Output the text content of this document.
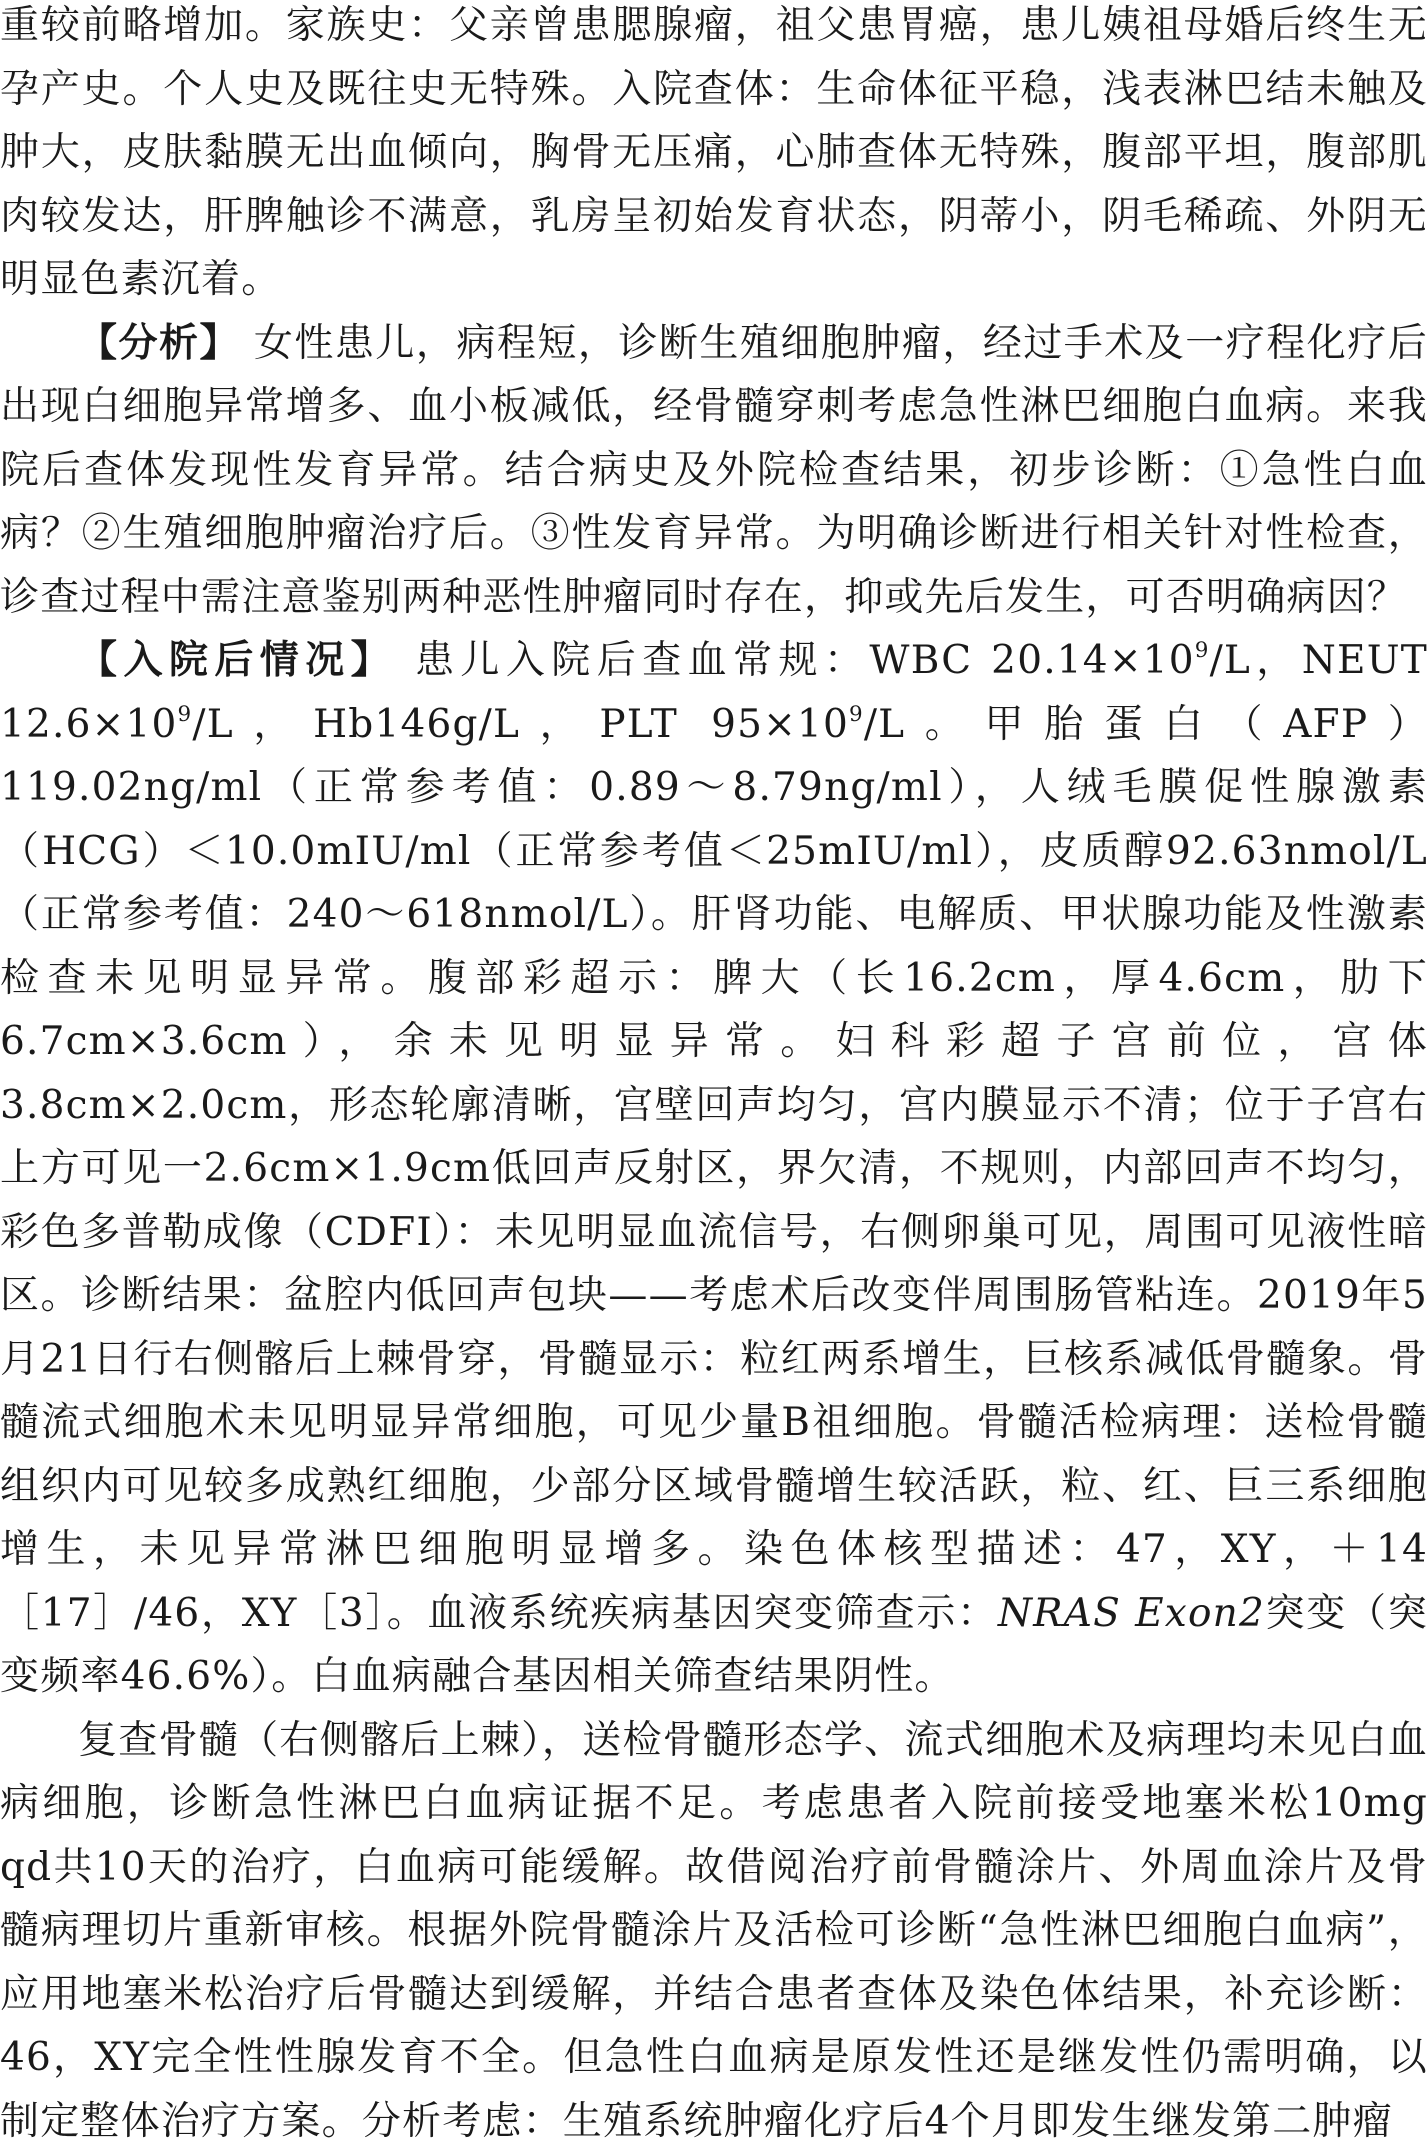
重较前略增加。家族史：父亲曾患腮腺瘤，祖父患胃癌，患儿姨祖母婚后终生无孕产史。个人史及既往史无特殊。入院查体：生命体征平稳，浅表淋巴结未触及肿大，皮肤黏膜无出血倾向，胸骨无压痛，心肺查体无特殊，腹部平坦，腹部肌肉较发达，肝脾触诊不满意，乳房呈初始发育状态，阴蒂小，阴毛稀疏、外阴无明显色素沉着。

【分析】 女性患儿，病程短，诊断生殖细胞肿瘤，经过手术及一疗程化疗后出现白细胞异常增多、血小板减低，经骨髓穿刺考虑急性淋巴细胞白血病。来我院后查体发现性发育异常。结合病史及外院检查结果，初步诊断：①急性白血病？②生殖细胞肿瘤治疗后。③性发育异常。为明确诊断进行相关针对性检查，诊查过程中需注意鉴别两种恶性肿瘤同时存在，抑或先后发生，可否明确病因？

【入院后情况】 患儿入院后查血常规：WBC $20.14\times 10^9/L$，NEUT $12.6\times 10^9/L$，Hb146g/L，PLT $95\times 10^9/L$。甲胎蛋白（AFP）119.02ng/ml（正常参考值：0.89～8.79ng/ml），人绒毛膜促性腺激素（HCG）＜10.0mIU/ml（正常参考值＜25mIU/ml），皮质醇92.63nmol/L（正常参考值：240～618nmol/L）。肝肾功能、电解质、甲状腺功能及性激素检查未见明显异常。腹部彩超示：脾大（长16.2cm，厚4.6cm，肋下6.7cm×3.6cm），余未见明显异常。妇科彩超子宫前位，宫体3.8cm×2.0cm，形态轮廓清晰，宫壁回声均匀，宫内膜显示不清；位于子宫右上方可见一2.6cm×1.9cm低回声反射区，界欠清，不规则，内部回声不均匀，彩色多普勒成像（CDFI）：未见明显血流信号，右侧卵巢可见，周围可见液性暗区。诊断结果：盆腔内低回声包块——考虑术后改变伴周围肠管粘连。2019年5月21日行右侧髂后上棘骨穿，骨髓显示：粒红两系增生，巨核系减低骨髓象。骨髓流式细胞术未见明显异常细胞，可见少量B祖细胞。骨髓活检病理：送检骨髓组织内可见较多成熟红细胞，少部分区域骨髓增生较活跃，粒、红、巨三系细胞增生，未见异常淋巴细胞明显增多。染色体核型描述：47，XY，＋14［17］/46，XY［3］。血液系统疾病基因突变筛查示：NRAS Exon2突变（突变频率46.6%）。白血病融合基因相关筛查结果阴性。

复查骨髓（右侧髂后上棘），送检骨髓形态学、流式细胞术及病理均未见白血病细胞，诊断急性淋巴白血病证据不足。考虑患者入院前接受地塞米松10mg qd共10天的治疗，白血病可能缓解。故借阅治疗前骨髓涂片、外周血涂片及骨髓病理切片重新审核。根据外院骨髓涂片及活检可诊断“急性淋巴细胞白血病”，应用地塞米松治疗后骨髓达到缓解，并结合患者查体及染色体结果，补充诊断：46，XY完全性性腺发育不全。但急性白血病是原发性还是继发性仍需明确，以制定整体治疗方案。分析考虑：生殖系统肿瘤化疗后4个月即发生继发第二肿瘤
